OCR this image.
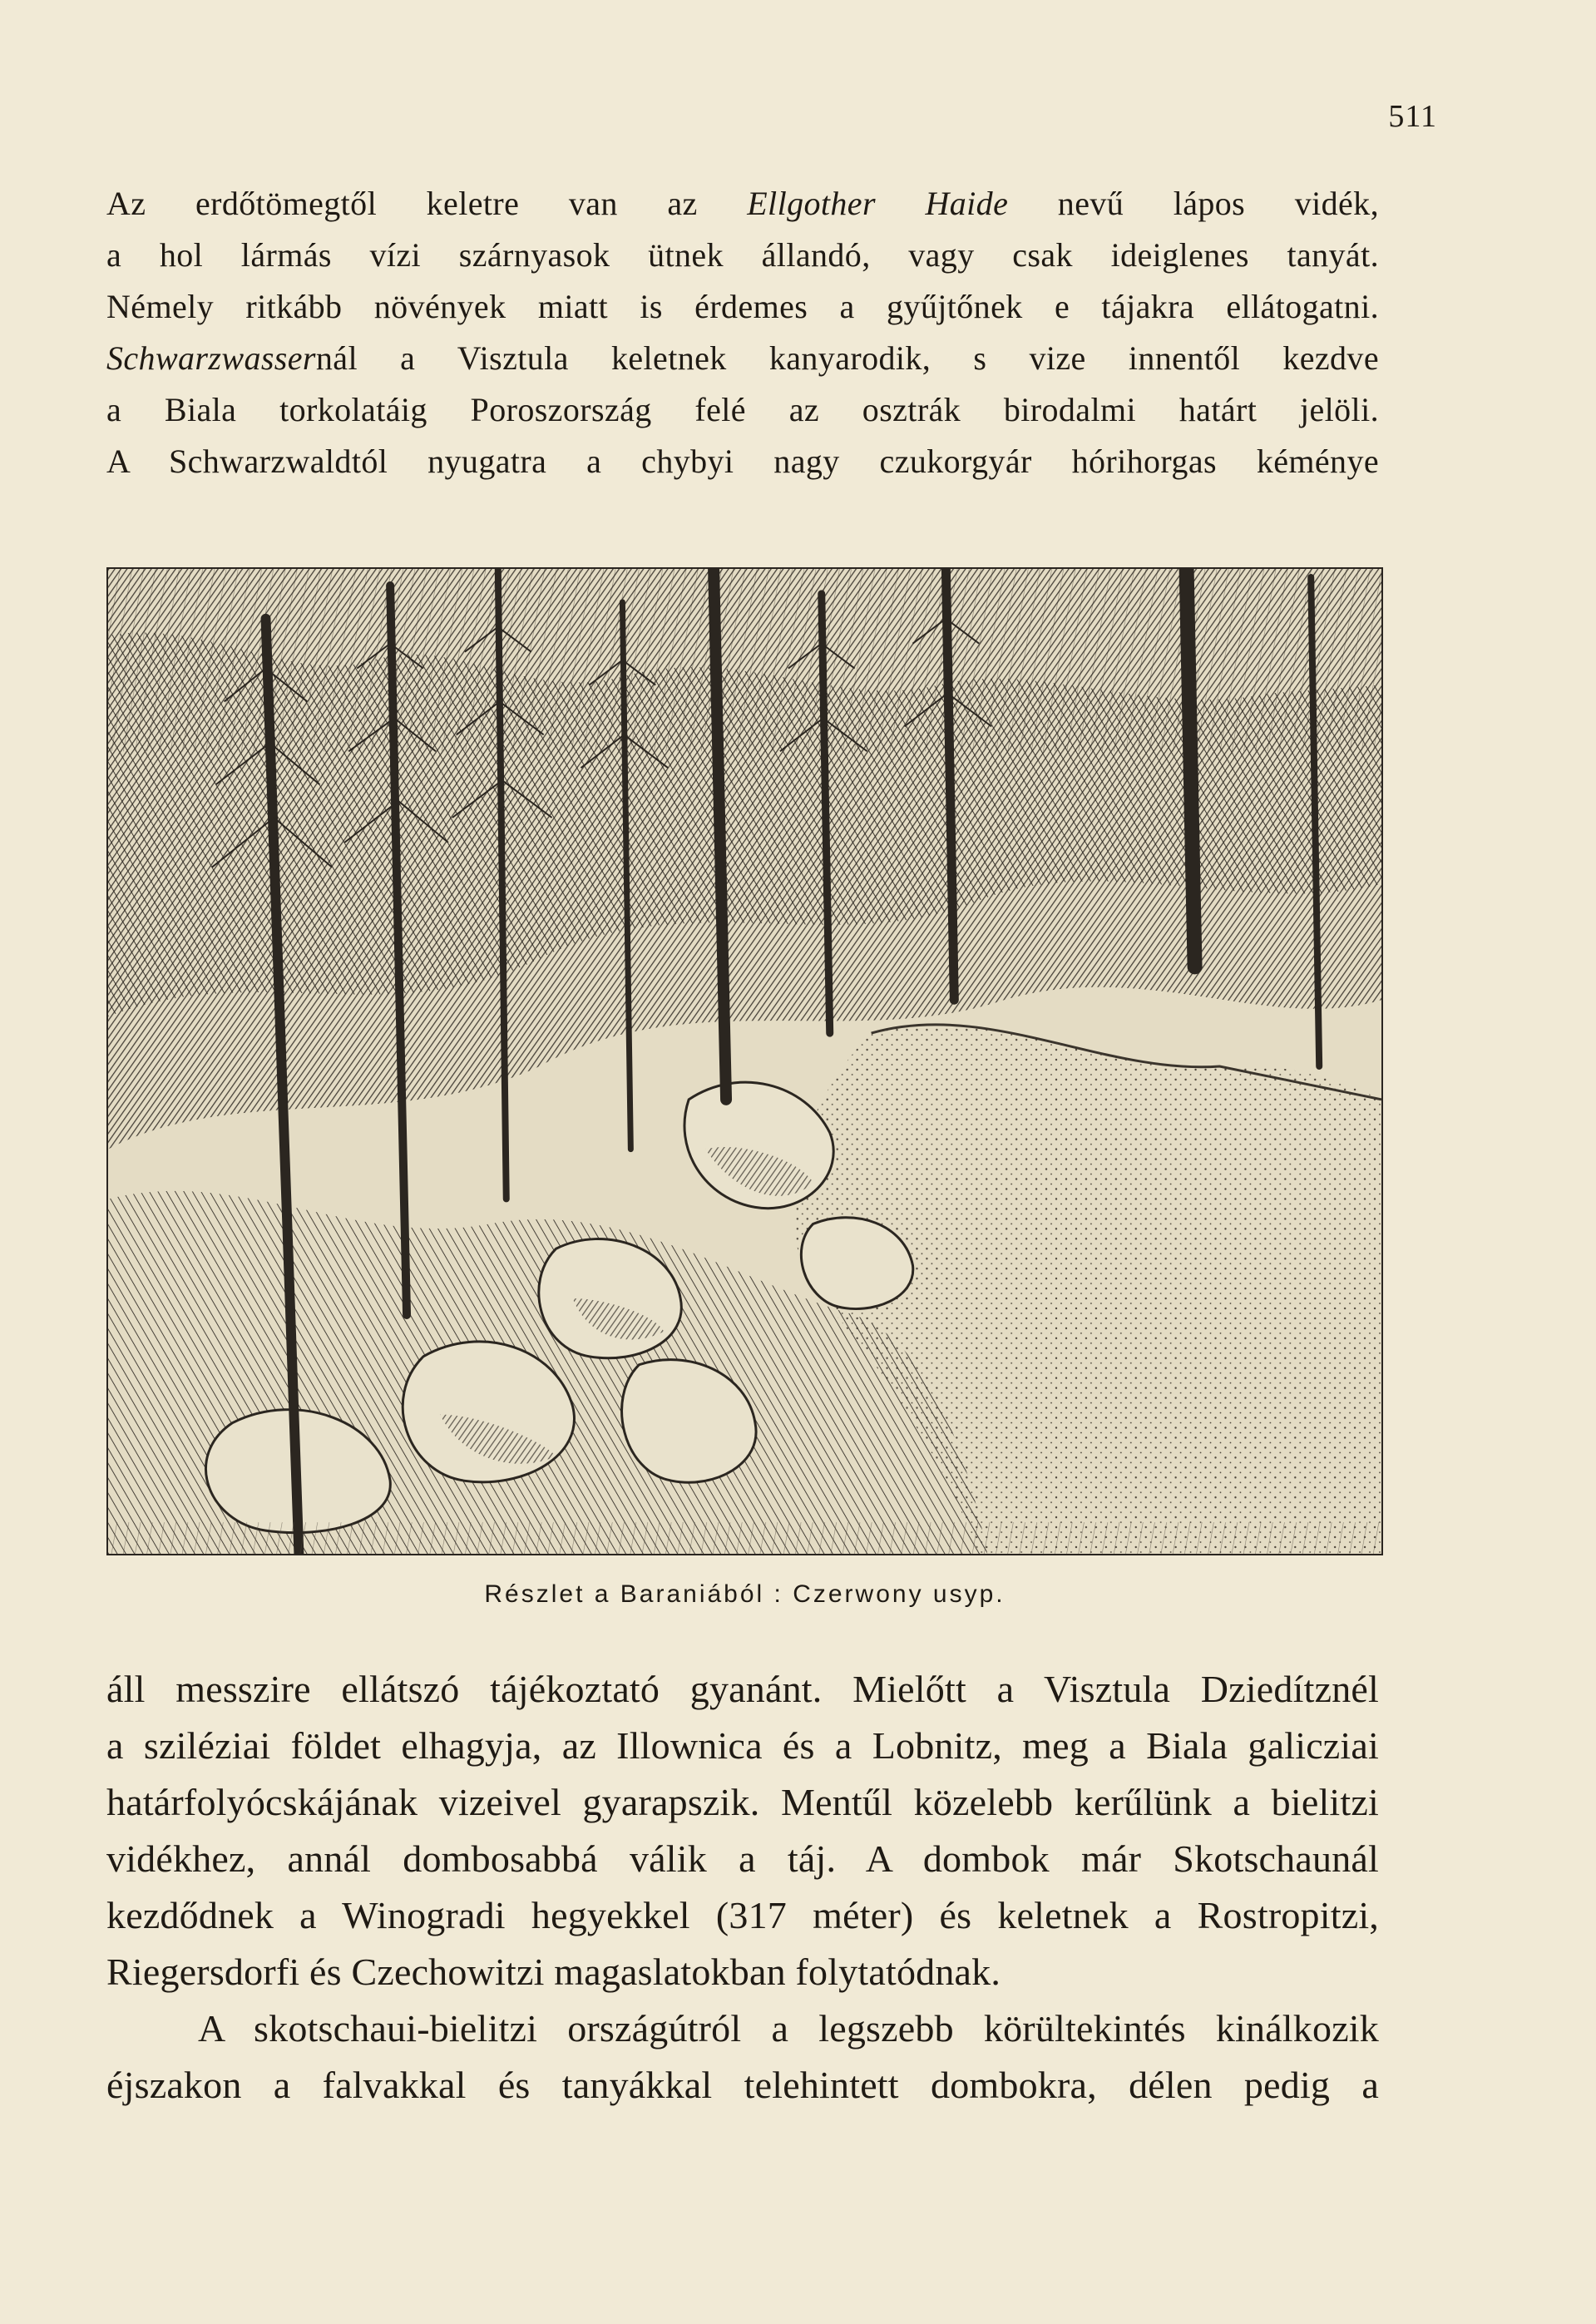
511
Az erdőtömegtől keletre van az Ellgother Haide nevű lápos vidék,
a hol lármás vízi szárnyasok ütnek állandó, vagy csak ideiglenes tanyát.
Némely ritkább növények miatt is érdemes a gyűjtőnek e tájakra ellátogatni.
Schwarzwassernál a Visztula keletnek kanyarodik, s vize innentől kezdve
a Biala torkolatáig Poroszország felé az osztrák birodalmi határt jelöli.
A Schwarzwaldtól nyugatra a chybyi nagy czukorgyár hórihorgas kéménye
Részlet a Baraniából : Czerwony usyp.
áll messzire ellátszó tájékoztató gyanánt. Mielőtt a Visztula Dziedítznél
a sziléziai földet elhagyja, az Illownica és a Lobnitz, meg a Biala galicziai
határfolyócskájának vizeivel gyarapszik. Mentűl közelebb kerűlünk a bielitzi
vidékhez, annál dombosabbá válik a táj. A dombok már Skotschaunál
kezdődnek a Winogradi hegyekkel (317 méter) és keletnek a Rostropitzi,
Riegersdorfi és Czechowitzi magaslatokban folytatódnak.
A skotschaui-bielitzi országútról a legszebb körültekintés kinálkozik
éjszakon a falvakkal és tanyákkal telehintett dombokra, délen pedig a
